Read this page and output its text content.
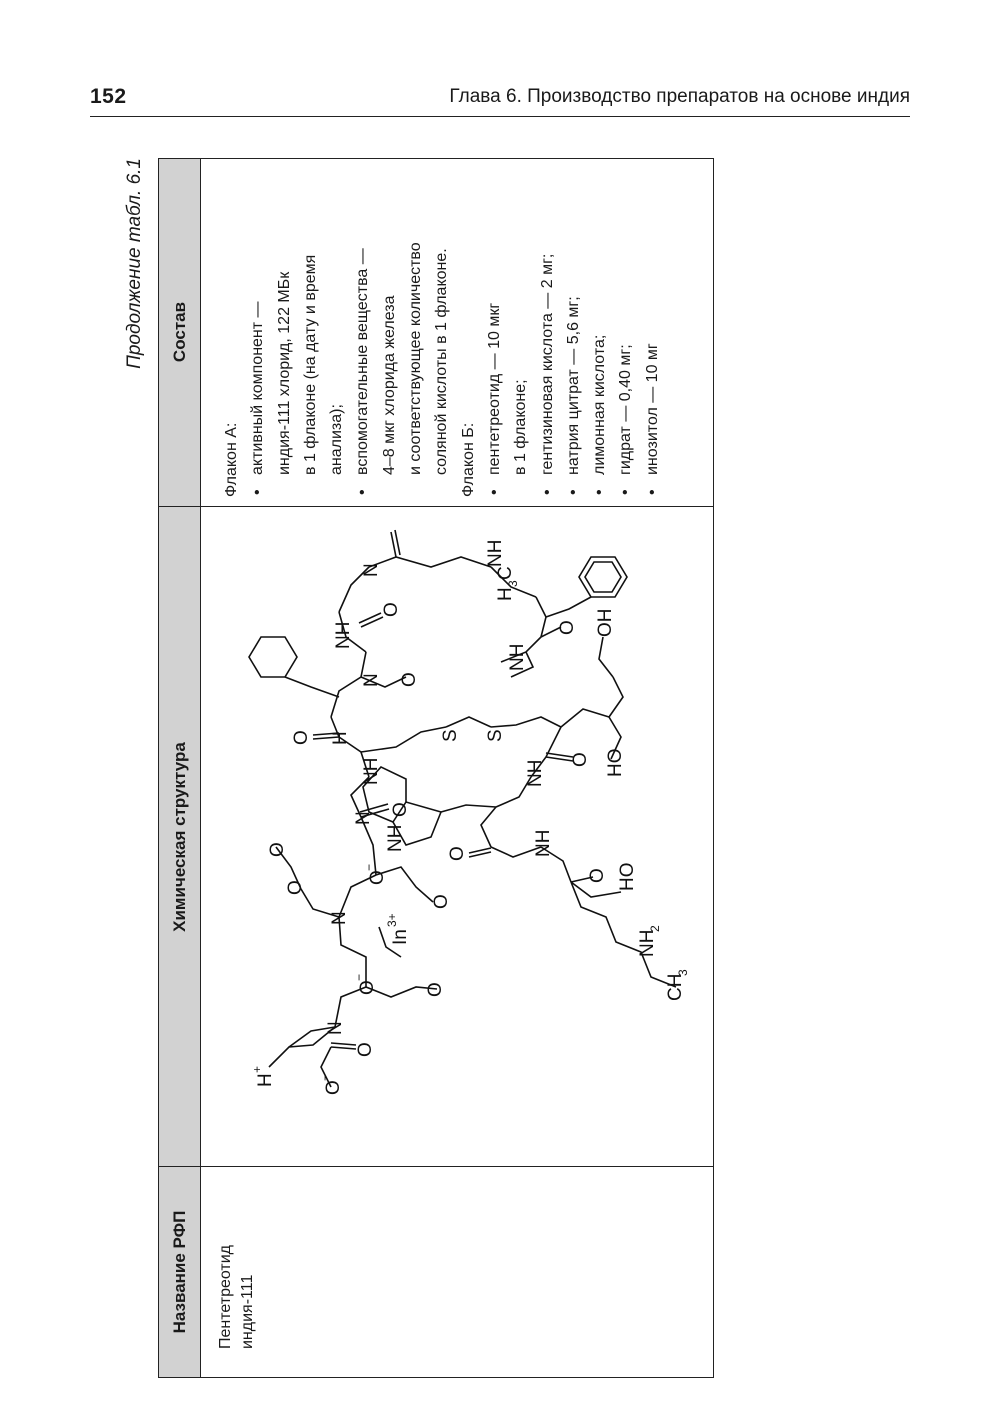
152	Глава 6. Производство препаратов на основе индия
Продолжение табл. 6.1
Название РФП
Химическая структура
Состав
Пентетреотид индия-111
H
+
O
−
O
N
O
−
O
N
In
3+
O
O
−
O
O
N
O
NH
O H
N O
NH
O
N
S S
HO
OH
H
3
C
NH O
O	NH
HO
O
CH
3
NH
2
NH
NH
O
NH
Флакон А: • активный компонент — индия-111 хлорид, 122 МБк в 1 флаконе (на дату и время анализа); • вспомогательные вещества — 4–8 мкг хлорида железа и соответствующее количество соляной кислоты в 1 флаконе. Флакон Б: • пентетреотид — 10 мкг в 1 флаконе; • гентизиновая кислота — 2 мг; • натрия цитрат — 5,6 мг; • лимонная кислота; • гидрат — 0,40 мг; • инозитол — 10 мг
